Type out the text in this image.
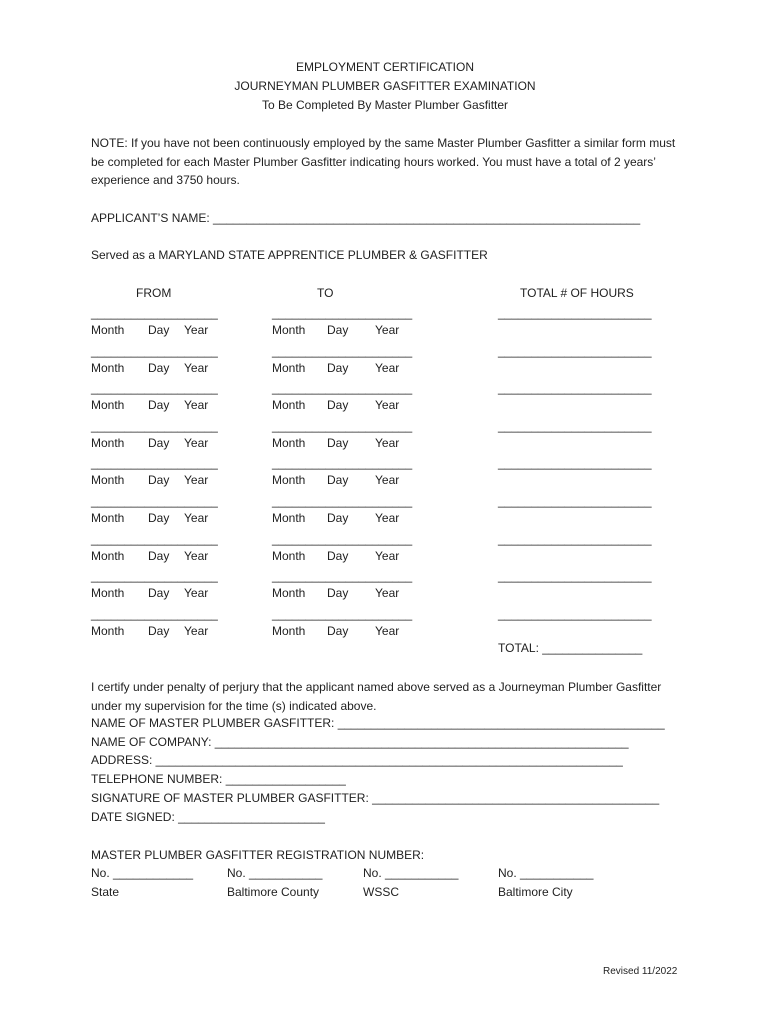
EMPLOYMENT CERTIFICATION
JOURNEYMAN PLUMBER GASFITTER EXAMINATION
To Be Completed By Master Plumber Gasfitter
NOTE: If you have not been continuously employed by the same Master Plumber Gasfitter a similar form must be completed for each Master Plumber Gasfitter indicating hours worked. You must have a total of 2 years’ experience and 3750 hours.
APPLICANT’S NAME: ________________________________________________________________
Served as a MARYLAND STATE APPRENTICE PLUMBER & GASFITTER
FROM	TO	TOTAL # OF HOURS
___________________	_____________________	_______________________
Month Day Year	Month Day Year
___________________	_____________________	_______________________
Month Day Year	Month Day Year
___________________	_____________________	_______________________
Month Day Year	Month Day Year
___________________	_____________________	_______________________
Month Day Year	Month Day Year
___________________	_____________________	_______________________
Month Day Year	Month Day Year
___________________	_____________________	_______________________
Month Day Year	Month Day Year
___________________	_____________________	_______________________
Month Day Year	Month Day Year
___________________	_____________________	_______________________
Month Day Year	Month Day Year
___________________	_____________________	_______________________
Month Day Year	Month Day Year
TOTAL: _______________
I certify under penalty of perjury that the applicant named above served as a Journeyman Plumber Gasfitter under my supervision for the time (s) indicated above.
NAME OF MASTER PLUMBER GASFITTER: _________________________________________________
NAME OF COMPANY: ______________________________________________________________
ADDRESS: ______________________________________________________________________
TELEPHONE NUMBER: __________________
SIGNATURE OF MASTER PLUMBER GASFITTER: ___________________________________________
DATE SIGNED: ______________________
MASTER PLUMBER GASFITTER REGISTRATION NUMBER:
No. ____________	No. ___________	No. ___________	No. ___________
State	Baltimore County	WSSC	Baltimore City
Revised 11/2022
